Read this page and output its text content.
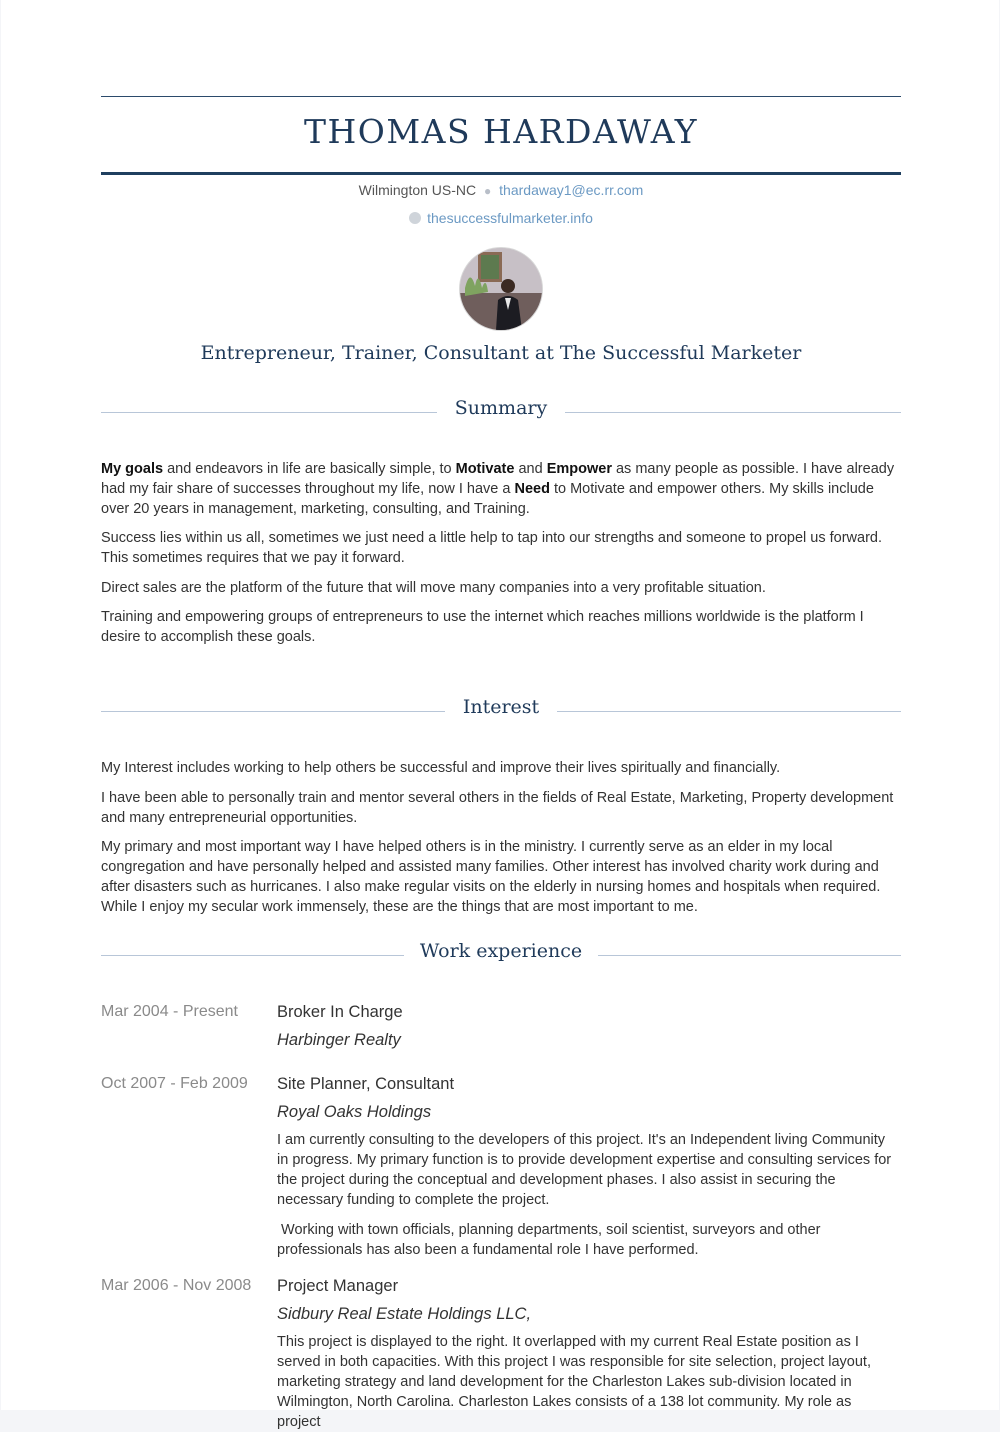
THOMAS HARDAWAY
Wilmington US-NC ● thardaway1@ec.rr.com
thesuccessfulmarketer.info
Entrepreneur, Trainer, Consultant at The Successful Marketer
Summary
My goals and endeavors in life are basically simple, to Motivate and Empower as many people as possible. I have already had my fair share of successes throughout my life, now I have a Need to Motivate and empower others. My skills include over 20 years in management, marketing, consulting, and Training.
Success lies within us all, sometimes we just need a little help to tap into our strengths and someone to propel us forward. This sometimes requires that we pay it forward.
Direct sales are the platform of the future that will move many companies into a very profitable situation.
Training and empowering groups of entrepreneurs to use the internet which reaches millions worldwide is the platform I desire to accomplish these goals.
Interest
My Interest includes working to help others be successful and improve their lives spiritually and financially.
I have been able to personally train and mentor several others in the fields of Real Estate, Marketing, Property development and many entrepreneurial opportunities.
My primary and most important way I have helped others is in the ministry. I currently serve as an elder in my local congregation and have personally helped and assisted many families. Other interest has involved charity work during and after disasters such as hurricanes. I also make regular visits on the elderly in nursing homes and hospitals when required. While I enjoy my secular work immensely, these are the things that are most important to me.
Work experience
Mar 2004 - Present	Broker In Charge
Harbinger Realty
Oct 2007 - Feb 2009	Site Planner, Consultant
Royal Oaks Holdings
I am currently consulting to the developers of this project. It's an Independent living Community in progress. My primary function is to provide development expertise and consulting services for the project during the conceptual and development phases. I also assist in securing the necessary funding to complete the project.
Working with town officials, planning departments, soil scientist, surveyors and other professionals has also been a fundamental role I have performed.
Mar 2006 - Nov 2008	Project Manager
Sidbury Real Estate Holdings LLC,
This project is displayed to the right. It overlapped with my current Real Estate position as I served in both capacities. With this project I was responsible for site selection, project layout, marketing strategy and land development for the Charleston Lakes sub-division located in Wilmington, North Carolina. Charleston Lakes consists of a 138 lot community. My role as project
